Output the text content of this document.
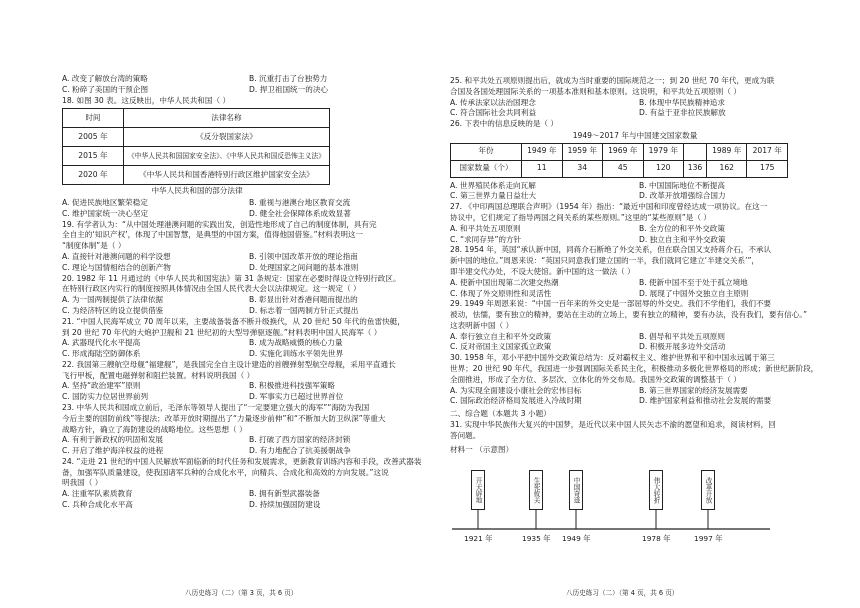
A. 改变了解放台湾的策略	B. 沉重打击了台独势力
C. 粉碎了美国的干预企图	D. 捍卫祖国统一的决心

18. 如图 30 表。这反映出，中华人民共和国（ ）

时间	法律名称
2005 年	《反分裂国家法》
2015 年	《中华人民共和国国家安全法》、《中华人民共和国反恐怖主义法》
2020 年	《中华人民共和国香港特别行政区维护国家安全法》

中华人民共和国的部分法律

A. 促进民族地区繁荣稳定	B. 重视与港澳台地区教育交流
C. 维护国家统一决心坚定	D. 健全社会保障体系成效显著

19. 有学者认为：“从中国处理港澳问题的实践出发，创造性地形成了自己的制度体制，具有完

全自主的‘知识产权’，体现了中国智慧，是典型的中国方案，值得他国借鉴。”材料表明这一

“制度体制”是（ ）

A. 直接针对港澳问题的科学设想	B. 引领中国改革开放的理论指南
C. 理论与国情相结合的创新产物	D. 处理国家之间问题的基本准则

20. 1982 年 11 月通过的《中华人民共和国宪法》第 31 条规定：国家在必要时得设立特别行政区。

在特别行政区内实行的制度按照具体情况由全国人民代表大会以法律规定。这一规定（ ）

A. 为一国两制提供了法律依据	B. 彰显出针对香港问题而提出的
C. 为经济特区的设立提供借鉴	D. 标志着一国两制方针正式提出

21. “中国人民海军成立 70 周年以来，主要战备装备不断升级换代，从 20 世纪 50 年代的鱼雷快艇，

到 20 世纪 70 年代的大炮护卫舰和 21 世纪初的大型导弹驱逐舰。”材料表明中国人民海军（ ）

A. 武器现代化水平提高	B. 成为战略威慑的核心力量
C. 形成海陆空防御体系	D. 实施化训练水平领先世界

22. 我国第三艘航空母舰“福建舰”，是我国完全自主设计建造的首艘弹射型航空母舰，采用平直通长

飞行甲板，配置电磁弹射和阻拦装置。材料说明我国（ ）

A. 坚持“政治建军”原则	B. 积极推进科技强军策略
C. 国防实力位居世界前列	D. 军事实力已超过世界首位

23. 中华人民共和国成立前后，毛泽东等领导人提出了“一定要建立强大的海军”“海防为我国

今后主要的国防前线”等提法；改革开放时期提出了“力量逐步前伸”和“不断加大防卫纵深”等重大

战略方针，确立了海防建设的战略地位。这些思想（ ）

A. 有利于新政权的巩固和发展	B. 打破了西方国家的经济封锁
C. 开启了维护海洋权益的进程	D. 有力地配合了抗美援朝战争

24. “走进 21 世纪的中国人民解放军面临新的时代任务和发展需求，更新教育训练内容和手段，改善武器装

备，加强军队质量建设，使我国诸军兵种的合成化水平，向精兵、合成化和高效的方向发展。”这说

明我国（ ）

A. 注重军队素质教育	B. 拥有新型武器装备
C. 兵种合成化水平高	D. 持续加强国防建设
八历史练习（二）（第 3 页，共 6 页）

25. 和平共处五项原则提出后，就成为当时重要的国际规范之一；到 20 世纪 70 年代，更成为联

合国及各国处理国际关系的一项基本准则和基本原则。这说明，和平共处五项原则（ ）

A. 传承法家以法治国理念	B. 体现中华民族精神追求
C. 符合国际社会共同利益	D. 有益于亚非拉民族解放

26. 下表中的信息反映的是（ ）

1949～2017 年与中国建交国家数量

年份	1949 年	1959 年	1969 年	1979 年		1989 年	2017 年
国家数量（个）	11	34	45	120	136	162	175
A. 世界殖民体系走向瓦解	B. 中国国际地位不断提高
C. 第三世界力量日益壮大	D. 改革开放增强综合国力

27. 《中印两国总理联合声明》（1954 年）指出：“最近中国和印度曾经达成一项协议。在这一

协议中，它们规定了指导两国之间关系的某些原则。”这里的“某些原则”是（ ）

A. 和平共处五项原则	B. 全方位的和平外交政策
C. “求同存异”的方针	D. 独立自主和平外交政策

28. 1954 年，英国“承认新中国，同蒋介石断绝了外交关系，但在联合国又支持蒋介石，不承认

新中国的地位。”周恩来说：“英国只同意我们建立国的一半，我们就同它建立‘半建交关系’”，

即半建交代办处，不设大使馆。新中国的这一做法（ ）

A. 使新中国出现第二次建交热潮	B. 使新中国不至于处于孤立境地
C. 体现了外交原则性和灵活性	D. 展现了中国外交独立自主原则

29. 1949 年周恩来说：“中国一百年来的外交史是一部屈辱的外交史。我们不学他们，我们不要

被动，怯懦，要有独立的精神，要站在主动的立场上，要有独立的精神，要有办法，没有我们，要有信心。”

这表明新中国（ ）

A. 奉行独立自主和平外交政策	B. 倡导和平共处五项原则
C. 反对帝国主义国家孤立政策	D. 积极开展多边外交活动

30. 1958 年，邓小平把中国外交政策总结为：反对霸权主义、维护世界和平和中国永远属于第三

世界；20 世纪 90 年代，我国进一步强调国际关系民主化，积极推动多极化世界格局的形成；新世纪新阶段，

全面推进，形成了全方位、多层次、立体化的外交布局。我国外交政策的调整基于（ ）

A. 为实现全面建设小康社会的宏伟目标	B. 第三世界国家的经济发展需要
C. 国际政治经济格局发展进入冷战时期	D. 维护国家利益和推动社会发展的需要

二、综合题（本题共 3 小题）

31. 实现中华民族伟大复兴的中国梦，是近代以来中国人民矢志不渝的愿望和追求，阅读材料，回

答问题。

材料一 （示意图）

开天辟地	生死攸关	中国奇迹	伟大转折	改革开放
1921 年	1935 年 1949 年	1978 年	1997 年
八历史练习（二）（第 4 页，共 6 页）
